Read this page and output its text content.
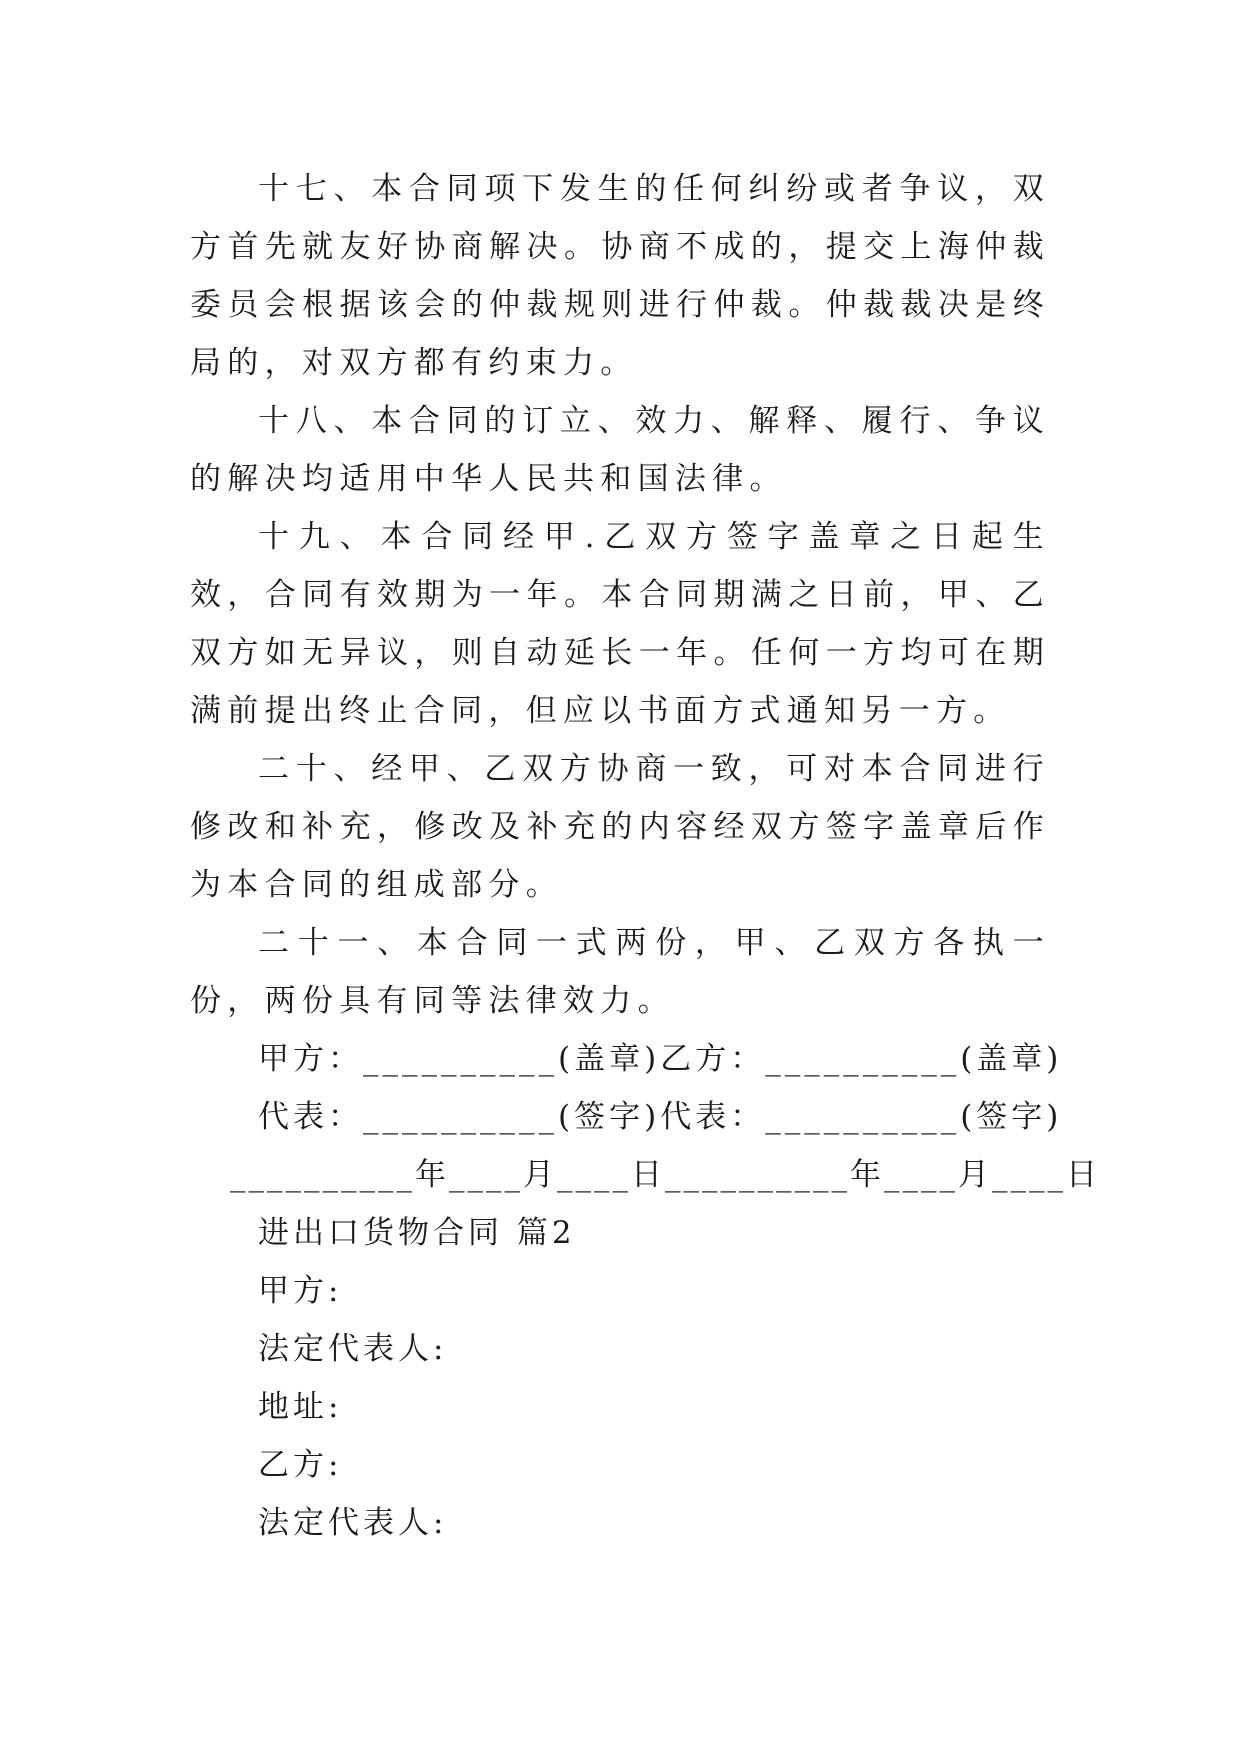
十七、本合同项下发生的任何纠纷或者争议，双方首先就友好协商解决。协商不成的，提交上海仲裁委员会根据该会的仲裁规则进行仲裁。仲裁裁决是终局的，对双方都有约束力。

十八、本合同的订立、效力、解释、履行、争议的解决均适用中华人民共和国法律。

十九、本合同经甲.乙双方签字盖章之日起生效，合同有效期为一年。本合同期满之日前，甲、乙双方如无异议，则自动延长一年。任何一方均可在期满前提出终止合同，但应以书面方式通知另一方。

二十、经甲、乙双方协商一致，可对本合同进行修改和补充，修改及补充的内容经双方签字盖章后作为本合同的组成部分。

二十一、本合同一式两份，甲、乙双方各执一份，两份具有同等法律效力。

甲方：__________(盖章)乙方：__________(盖章)

代表：__________(签字)代表：__________(签字)

__________年____月____日__________年____月____日

进出口货物合同 篇2

甲方:

法定代表人:

地址:

乙方:

法定代表人:
